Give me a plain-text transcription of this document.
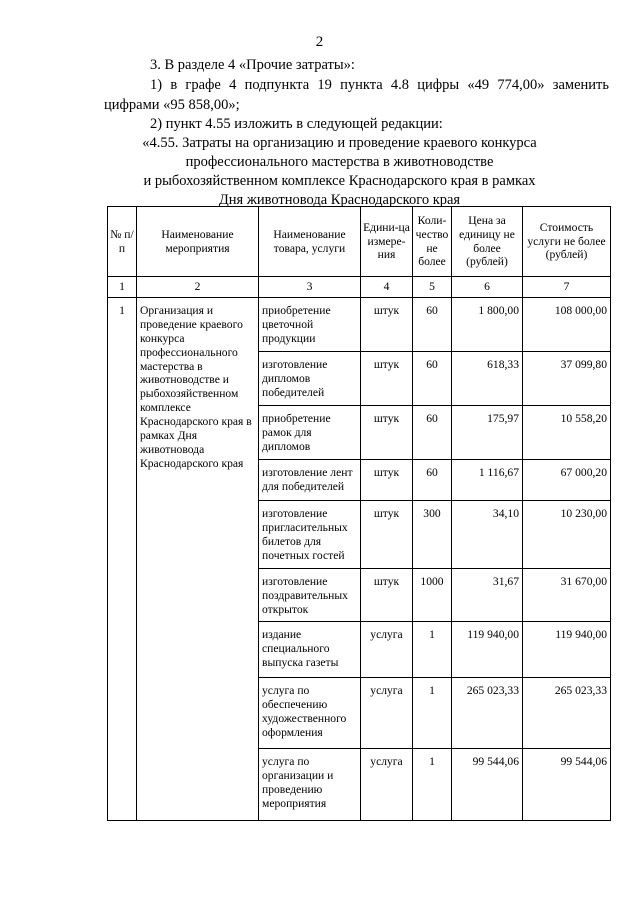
2
3. В разделе 4 «Прочие затраты»:
1) в графе 4 подпункта 19 пункта 4.8 цифры «49 774,00» заменить
цифрами «95 858,00»;
2) пункт 4.55 изложить в следующей редакции:
«4.55. Затраты на организацию и проведение краевого конкурса
профессионального мастерства в животноводстве
и рыбохозяйственном комплексе Краснодарского края в рамках
Дня животновода Краснодарского края
№ п/п	Наименование мероприятия	Наименование товара, услуги	Едини-ца измере-ния	Коли-чество не более	Цена за единицу не более (рублей)	Стоимость услуги не более (рублей)
1	2	3	4	5	6	7
1	Организация и проведение краевого конкурса профессионального мастерства в животноводстве и рыбохозяйственном комплексе Краснодарского края в рамках Дня животновода Краснодарского края	приобретение цветочной продукции	штук	60	1 800,00	108 000,00
		изготовление дипломов победителей	штук	60	618,33	37 099,80
		приобретение рамок для дипломов	штук	60	175,97	10 558,20
		изготовление лент для победителей	штук	60	1 116,67	67 000,20
		изготовление пригласительных билетов для почетных гостей	штук	300	34,10	10 230,00
		изготовление поздравительных открыток	штук	1000	31,67	31 670,00
		издание специального выпуска газеты	услуга	1	119 940,00	119 940,00
		услуга по обеспечению художественного оформления	услуга	1	265 023,33	265 023,33
		услуга по организации и проведению мероприятия	услуга	1	99 544,06	99 544,06
